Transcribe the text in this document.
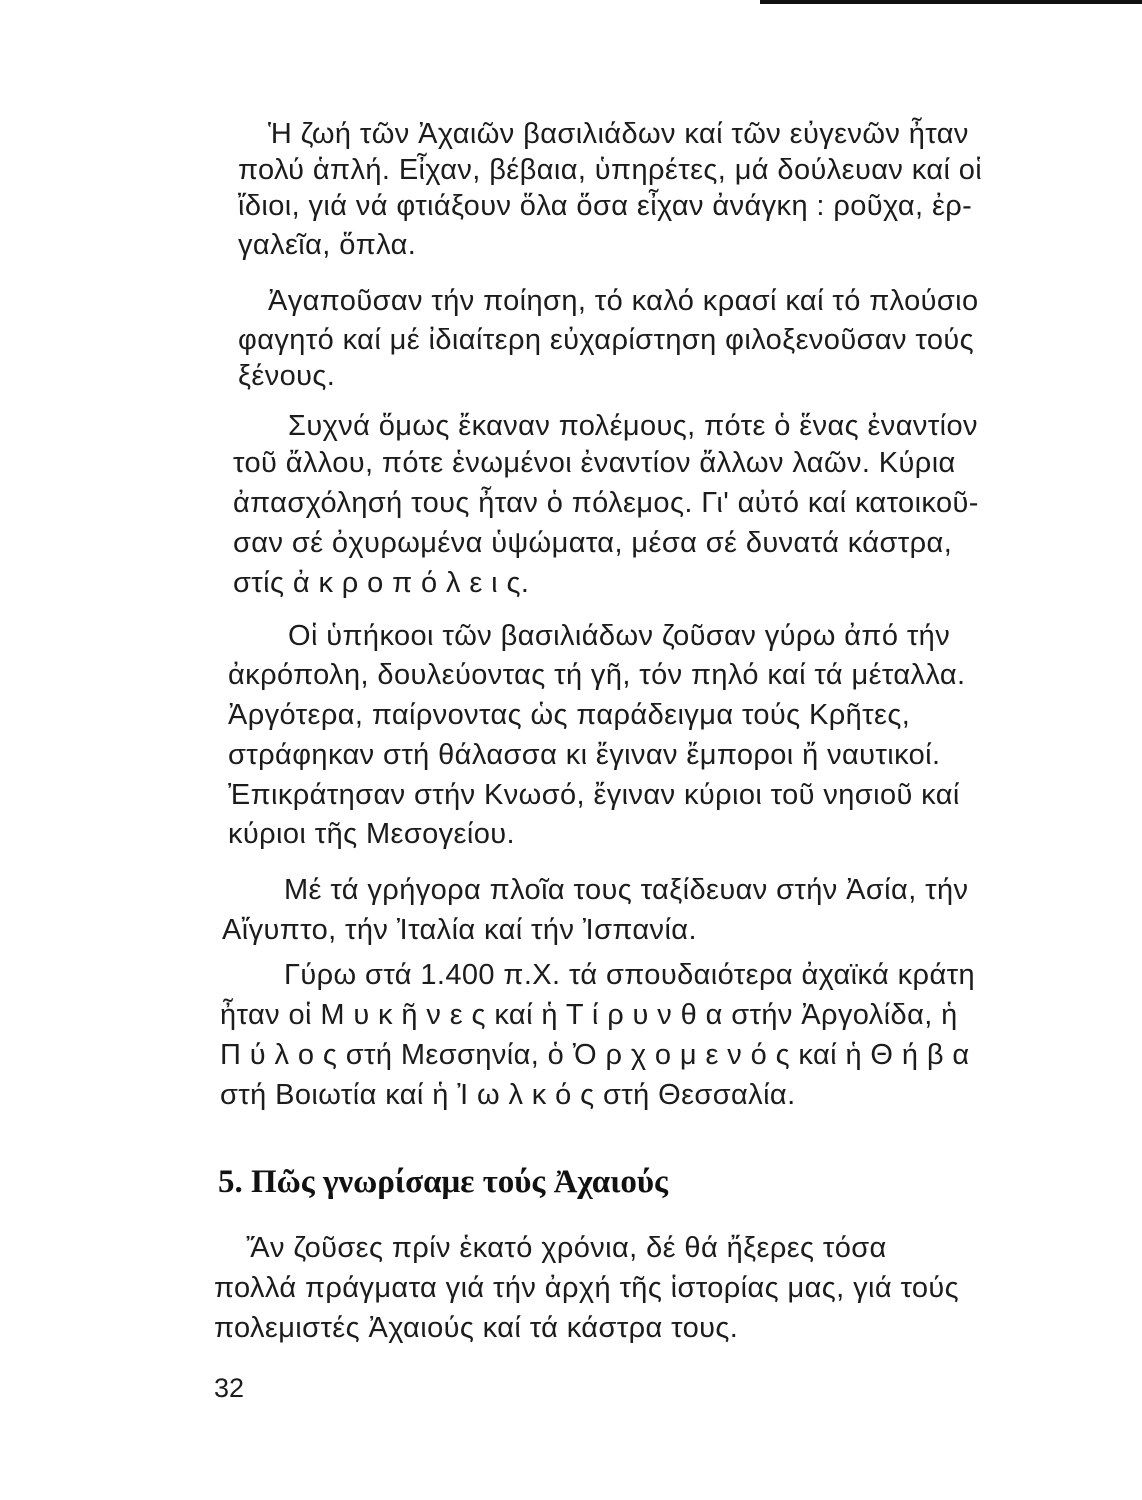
Ἡ ζωή τῶν Ἀχαιῶν βασιλιάδων καί τῶν εὐγενῶν ἦταν
πολύ ἁπλή. Εἶχαν, βέβαια, ὑπηρέτες, μά δούλευαν καί οἱ
ἴδιοι, γιά νά φτιάξουν ὅλα ὅσα εἶχαν ἀνάγκη : ροῦχα, ἐρ-
γαλεῖα, ὅπλα.
Ἀγαποῦσαν τήν ποίηση, τό καλό κρασί καί τό πλούσιο
φαγητό καί μέ ἰδιαίτερη εὐχαρίστηση φιλοξενοῦσαν τούς
ξένους.
Συχνά ὅμως ἔκαναν πολέμους, πότε ὁ ἕνας ἐναντίον
τοῦ ἄλλου, πότε ἑνωμένοι ἐναντίον ἄλλων λαῶν. Κύρια
ἀπασχόλησή τους ἦταν ὁ πόλεμος. Γι' αὐτό καί κατοικοῦ-
σαν σέ ὀχυρωμένα ὑψώματα, μέσα σέ δυνατά κάστρα,
στίς ἀ κ ρ ο π ό λ ε ι ς.
Οἱ ὑπήκοοι τῶν βασιλιάδων ζοῦσαν γύρω ἀπό τήν
ἀκρόπολη, δουλεύοντας τή γῆ, τόν πηλό καί τά μέταλλα.
Ἀργότερα, παίρνοντας ὡς παράδειγμα τούς Κρῆτες,
στράφηκαν στή θάλασσα κι ἔγιναν ἔμποροι ἤ ναυτικοί.
Ἐπικράτησαν στήν Κνωσό, ἔγιναν κύριοι τοῦ νησιοῦ καί
κύριοι τῆς Μεσογείου.
Μέ τά γρήγορα πλοῖα τους ταξίδευαν στήν Ἀσία, τήν
Αἴγυπτο, τήν Ἰταλία καί τήν Ἰσπανία.
Γύρω στά 1.400 π.Χ. τά σπουδαιότερα ἀχαϊκά κράτη
ἦταν οἱ Μ υ κ ῆ ν ε ς καί ἡ Τ ί ρ υ ν θ α στήν Ἀργολίδα, ἡ
Π ύ λ ο ς στή Μεσσηνία, ὁ Ὀ ρ χ ο μ ε ν ό ς καί ἡ Θ ή β α
στή Βοιωτία καί ἡ Ἰ ω λ κ ό ς στή Θεσσαλία.
5. Πῶς γνωρίσαμε τούς Ἀχαιούς
Ἄν ζοῦσες πρίν ἑκατό χρόνια, δέ θά ἤξερες τόσα
πολλά πράγματα γιά τήν ἀρχή τῆς ἱστορίας μας, γιά τούς
πολεμιστές Ἀχαιούς καί τά κάστρα τους.
32
